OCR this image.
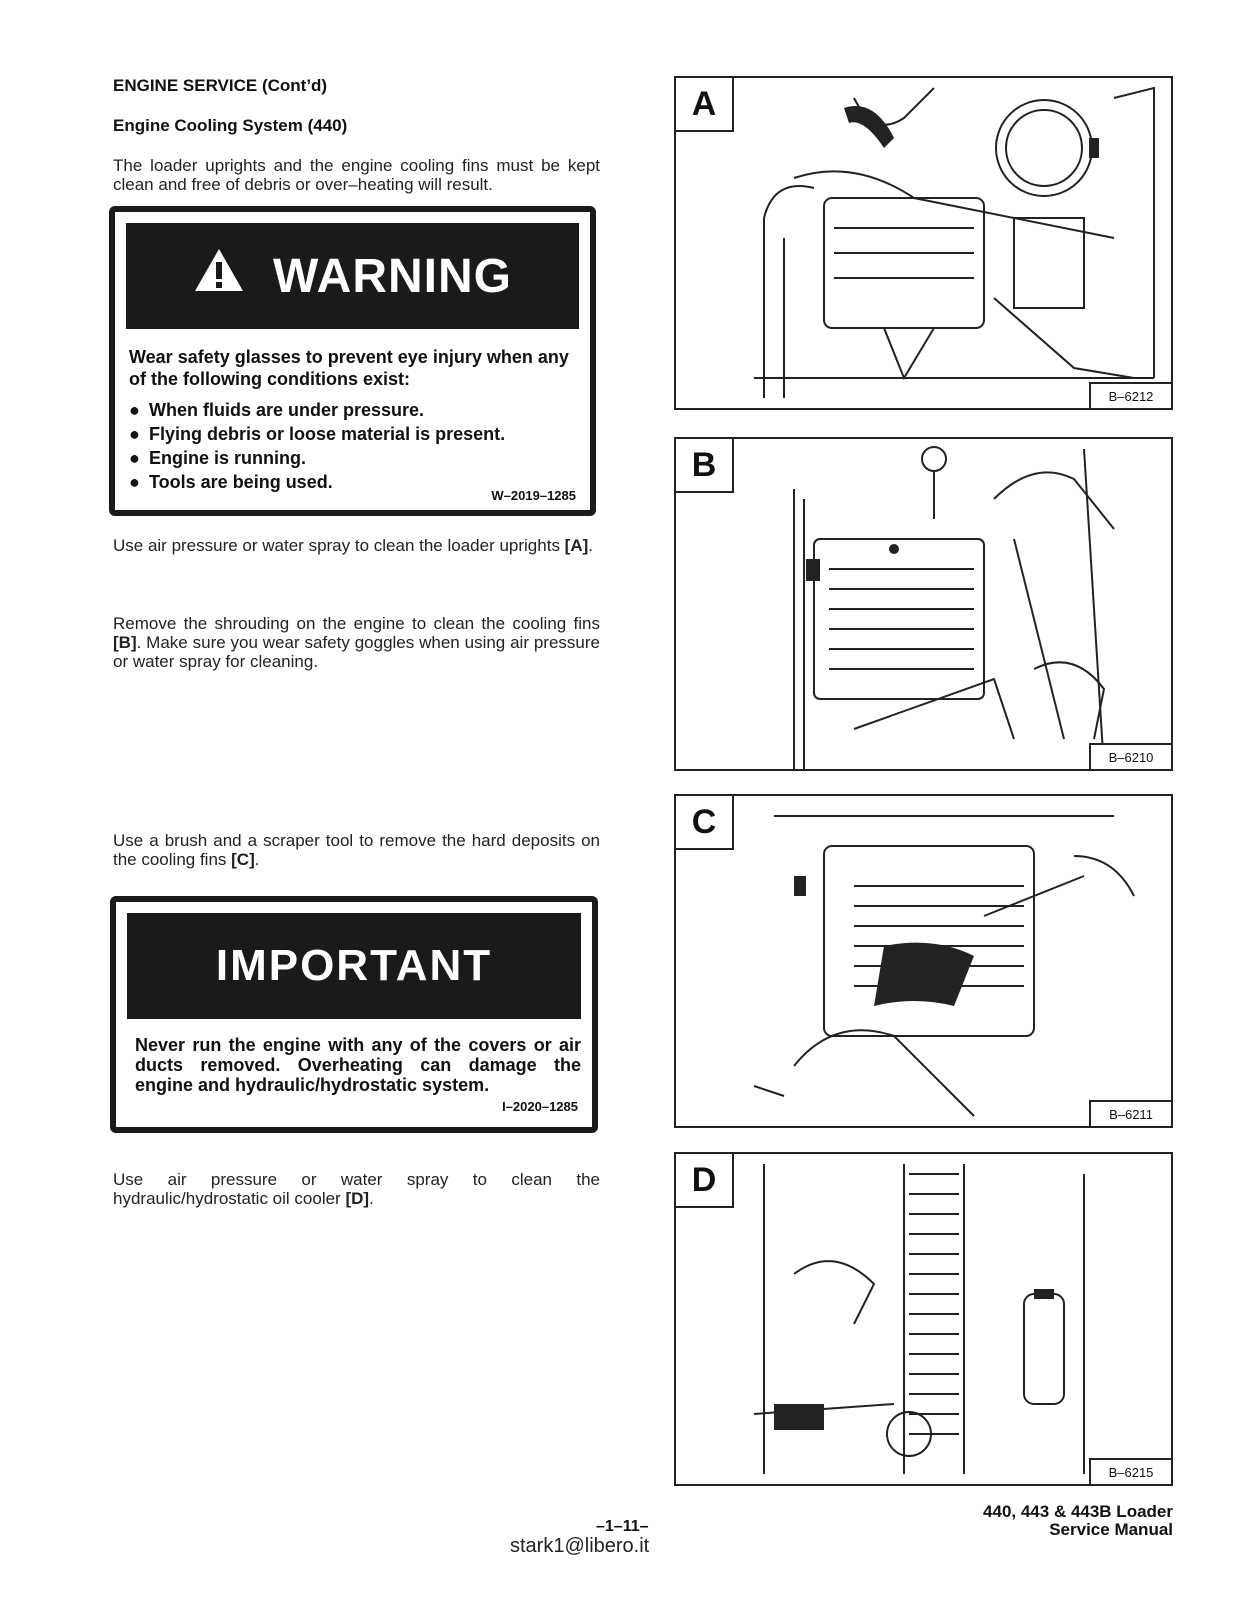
ENGINE SERVICE (Cont’d)
Engine Cooling System (440)
The loader uprights and the engine cooling fins must be kept clean and free of debris or over–heating will result.
WARNING
Wear safety glasses to prevent eye injury when any of the following conditions exist:
● When fluids are under pressure.
● Flying debris or loose material is present.
● Engine is running.
● Tools are being used.
W–2019–1285
Use air pressure or water spray to clean the loader uprights [A].
Remove the shrouding on the engine to clean the cooling fins [B]. Make sure you wear safety goggles when using air pressure or water spray for cleaning.
Use a brush and a scraper tool to remove the hard deposits on the cooling fins [C].
IMPORTANT
Never run the engine with any of the covers or air ducts removed. Overheating can damage the engine and hydraulic/hydrostatic system.
I–2020–1285
Use air pressure or water spray to clean the hydraulic/hydrostatic oil cooler [D].
A
B–6212
B
B–6210
C
B–6211
D
B–6215
–1–11–
stark1@libero.it
440, 443 & 443B Loader
Service Manual
